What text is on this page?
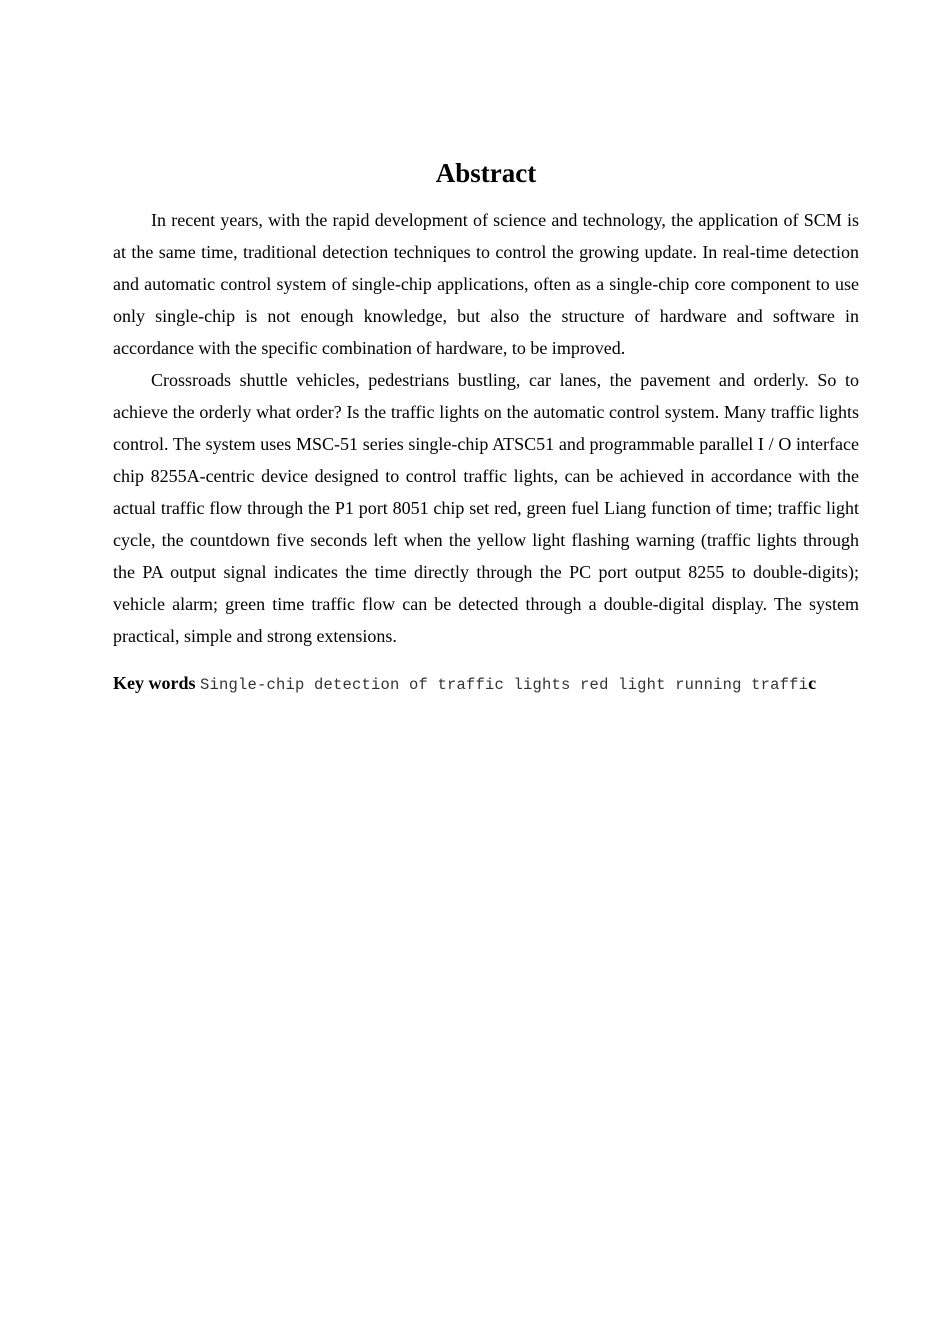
Abstract

In recent years, with the rapid development of science and technology, the application of SCM is at the same time, traditional detection techniques to control the growing update. In real-time detection and automatic control system of single-chip applications, often as a single-chip core component to use only single-chip is not enough knowledge, but also the structure of hardware and software in accordance with the specific combination of hardware, to be improved.

Crossroads shuttle vehicles, pedestrians bustling, car lanes, the pavement and orderly. So to achieve the orderly what order? Is the traffic lights on the automatic control system. Many traffic lights control. The system uses MSC-51 series single-chip ATSC51 and programmable parallel I / O interface chip 8255A-centric device designed to control traffic lights, can be achieved in accordance with the actual traffic flow through the P1 port 8051 chip set red, green fuel Liang function of time; traffic light cycle, the countdown five seconds left when the yellow light flashing warning (traffic lights through the PA output signal indicates the time directly through the PC port output 8255 to double-digits); vehicle alarm; green time traffic flow can be detected through a double-digital display. The system practical, simple and strong extensions.

Key words Single-chip detection of traffic lights red light running traffic
